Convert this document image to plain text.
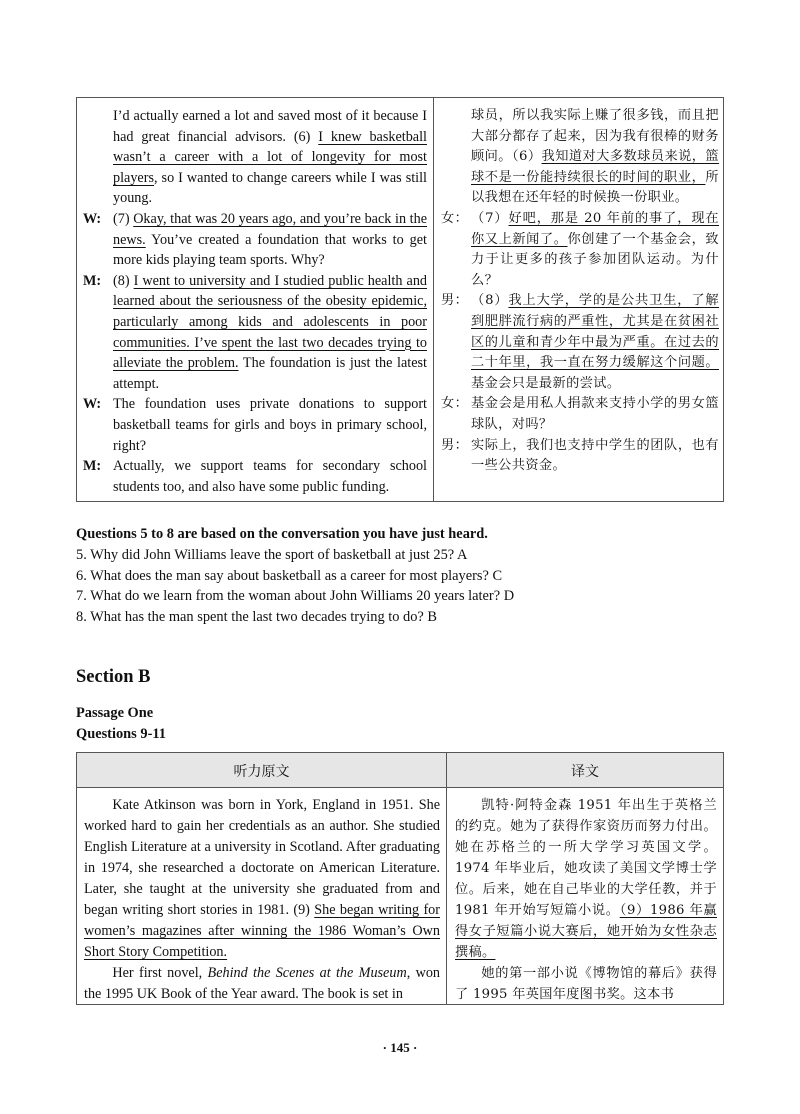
I’d actually earned a lot and saved most of it because I had great financial advisors. (6) I knew basketball wasn’t a career with a lot of longevity for most players, so I wanted to change careers while I was still young.
W: (7) Okay, that was 20 years ago, and you’re back in the news. You’ve created a foundation that works to get more kids playing team sports. Why?
M: (8) I went to university and I studied public health and learned about the seriousness of the obesity epidemic, particularly among kids and adolescents in poor communities. I’ve spent the last two decades trying to alleviate the problem. The foundation is just the latest attempt.
W: The foundation uses private donations to support basketball teams for girls and boys in primary school, right?
M: Actually, we support teams for secondary school students too, and also have some public funding.
球员，所以我实际上赚了很多钱，而且把大部分都存了起来，因为我有很棒的财务顾问。（6）我知道对大多数球员来说，篮球不是一份能持续很长的时间的职业，所以我想在还年轻的时候换一份职业。
女： （7）好吧，那是 20 年前的事了，现在你又上新闻了。你创建了一个基金会，致力于让更多的孩子参加团队运动。为什么？
男： （8）我上大学，学的是公共卫生，了解到肥胖流行病的严重性，尤其是在贫困社区的儿童和青少年中最为严重。在过去的二十年里，我一直在努力缓解这个问题。基金会只是最新的尝试。
女： 基金会是用私人捐款来支持小学的男女篮球队，对吗？
男： 实际上，我们也支持中学生的团队，也有一些公共资金。
Questions 5 to 8 are based on the conversation you have just heard.
5. Why did John Williams leave the sport of basketball at just 25? A
6. What does the man say about basketball as a career for most players? C
7. What do we learn from the woman about John Williams 20 years later? D
8. What has the man spent the last two decades trying to do? B
Section B
Passage One
Questions 9-11
听力原文	译文
Kate Atkinson was born in York, England in 1951. She worked hard to gain her credentials as an author. She studied English Literature at a university in Scotland. After graduating in 1974, she researched a doctorate on American Literature. Later, she taught at the university she graduated from and began writing short stories in 1981. (9) She began writing for women’s magazines after winning the 1986 Woman’s Own Short Story Competition.
Her first novel, Behind the Scenes at the Museum, won the 1995 UK Book of the Year award. The book is set in
凯特·阿特金森 1951 年出生于英格兰的约克。她为了获得作家资历而努力付出。她在苏格兰的一所大学学习英国文学。1974 年毕业后，她攻读了美国文学博士学位。后来，她在自己毕业的大学任教，并于 1981 年开始写短篇小说。（9）1986 年赢得女子短篇小说大赛后，她开始为女性杂志撰稿。
她的第一部小说《博物馆的幕后》获得了 1995 年英国年度图书奖。这本书
· 145 ·
